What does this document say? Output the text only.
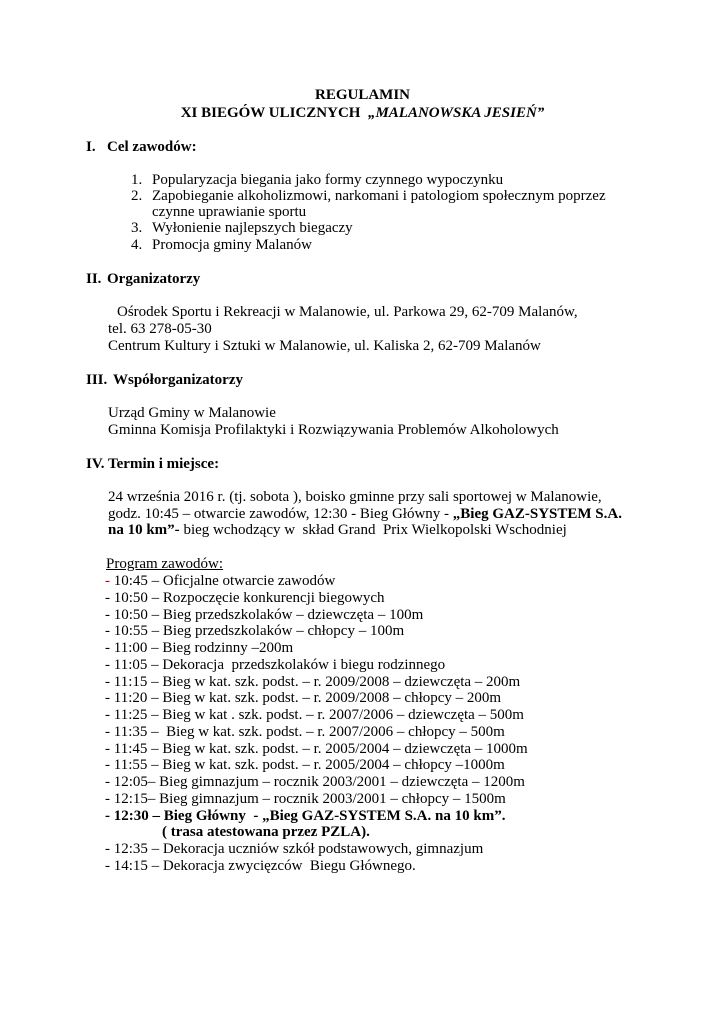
REGULAMIN
XI BIEGÓW ULICZNYCH  „MALANOWSKA JESIEŃ”
I. Cel zawodów:
1. Popularyzacja biegania jako formy czynnego wypoczynku
2. Zapobieganie alkoholizmowi, narkomani i patologiom społecznym poprzez
czynne uprawianie sportu
3. Wyłonienie najlepszych biegaczy
4. Promocja gminy Malanów
II. Organizatorzy
Ośrodek Sportu i Rekreacji w Malanowie, ul. Parkowa 29, 62-709 Malanów,
tel. 63 278-05-30
Centrum Kultury i Sztuki w Malanowie, ul. Kaliska 2, 62-709 Malanów
III. Współorganizatorzy
Urząd Gminy w Malanowie
Gminna Komisja Profilaktyki i Rozwiązywania Problemów Alkoholowych
IV. Termin i miejsce:
24 września 2016 r. (tj. sobota ), boisko gminne przy sali sportowej w Malanowie,
godz. 10:45 – otwarcie zawodów, 12:30 - Bieg Główny - „Bieg GAZ-SYSTEM S.A.
na 10 km”- bieg wchodzący w  skład Grand  Prix Wielkopolski Wschodniej
Program zawodów:
- 10:45 – Oficjalne otwarcie zawodów
- 10:50 – Rozpoczęcie konkurencji biegowych
- 10:50 – Bieg przedszkolaków – dziewczęta – 100m
- 10:55 – Bieg przedszkolaków – chłopcy – 100m
- 11:00 – Bieg rodzinny –200m
- 11:05 – Dekoracja  przedszkolaków i biegu rodzinnego
- 11:15 – Bieg w kat. szk. podst. – r. 2009/2008 – dziewczęta – 200m
- 11:20 – Bieg w kat. szk. podst. – r. 2009/2008 – chłopcy – 200m
- 11:25 – Bieg w kat . szk. podst. – r. 2007/2006 – dziewczęta – 500m
- 11:35 –  Bieg w kat. szk. podst. – r. 2007/2006 – chłopcy – 500m
- 11:45 – Bieg w kat. szk. podst. – r. 2005/2004 – dziewczęta – 1000m
- 11:55 – Bieg w kat. szk. podst. – r. 2005/2004 – chłopcy –1000m
- 12:05– Bieg gimnazjum – rocznik 2003/2001 – dziewczęta – 1200m
- 12:15– Bieg gimnazjum – rocznik 2003/2001 – chłopcy – 1500m
- 12:30 – Bieg Główny  - „Bieg GAZ-SYSTEM S.A. na 10 km”.
( trasa atestowana przez PZLA).
- 12:35 – Dekoracja uczniów szkół podstawowych, gimnazjum
- 14:15 – Dekoracja zwycięzców  Biegu Głównego.
